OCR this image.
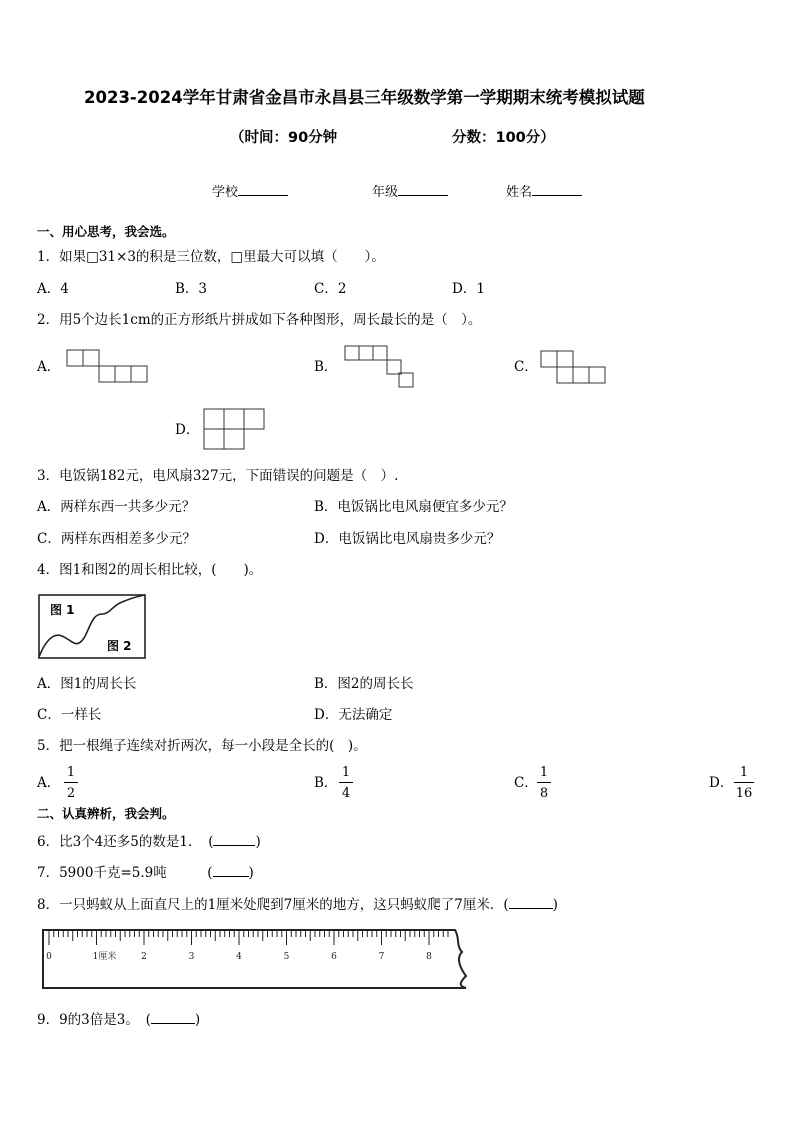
2023-2024学年甘肃省金昌市永昌县三年级数学第一学期期末统考模拟试题
（时间：90分钟	分数：100分）
学校	年级	姓名
一、用心思考，我会选。
1．如果□31×3的积是三位数，□里最大可以填（　　）。
A．4	B．3	C．2	D．1
2．用5个边长1cm的正方形纸片拼成如下各种图形，周长最长的是（　）。
A．	B．	C．
D．
3．电饭锅182元，电风扇327元，下面错误的问题是（　）.
A．两样东西一共多少元？	B．电饭锅比电风扇便宜多少元？
C．两样东西相差多少元？	D．电饭锅比电风扇贵多少元？
4．图1和图2的周长相比较，(　　)。
图 1
图 2
A．图1的周长长	B．图2的周长长
C．一样长	D．无法确定
5．把一根绳子连续对折两次，每一小段是全长的(　)。
A．
1
2
B．
1
4
C．
1
8
D．
1
16
二、认真辨析，我会判。
6．比3个4还多5的数是1．　(	)
7．5900千克=5.9吨　　　(	)
8．一只蚂蚁从上面直尺上的1厘米处爬到7厘米的地方，这只蚂蚁爬了7厘米．(	)
0	1厘米	2	3	4	5	6	7	8
9．9的3倍是3。　(	)
